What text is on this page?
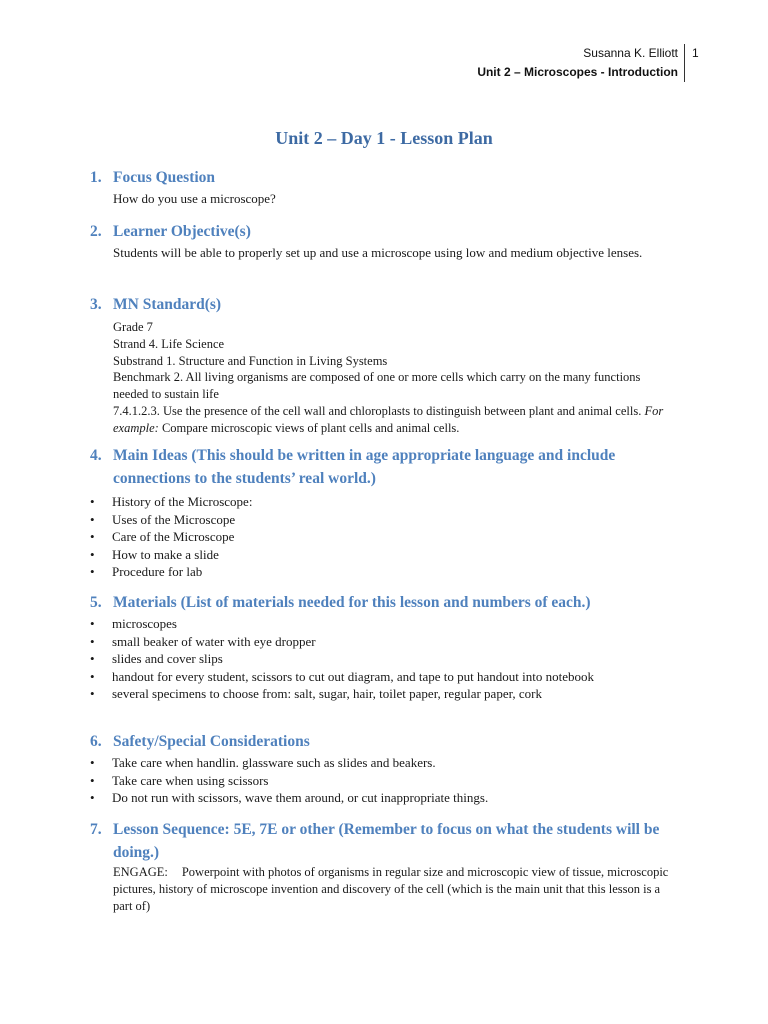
Susanna K. Elliott
Unit 2 – Microscopes - Introduction
1
Unit 2 – Day 1 - Lesson Plan
1. Focus Question
How do you use a microscope?
2. Learner Objective(s)
Students will be able to properly set up and use a microscope using low and medium objective lenses.
3. MN Standard(s)
Grade 7
Strand 4. Life Science
Substrand 1. Structure and Function in Living Systems
Benchmark 2. All living organisms are composed of one or more cells which carry on the many functions needed to sustain life
7.4.1.2.3. Use the presence of the cell wall and chloroplasts to distinguish between plant and animal cells. For example: Compare microscopic views of plant cells and animal cells.
4. Main Ideas (This should be written in age appropriate language and include connections to the students’ real world.)
•	History of the Microscope:
•	Uses of the Microscope
•	Care of the Microscope
•	How to make a slide
•	Procedure for lab
5. Materials (List of materials needed for this lesson and numbers of each.)
•	microscopes
•	small beaker of water with eye dropper
•	slides and cover slips
•	handout for every student, scissors to cut out diagram, and tape to put handout into notebook
•	several specimens to choose from: salt, sugar, hair, toilet paper, regular paper, cork
6. Safety/Special Considerations
•	Take care when handlin. glassware such as slides and beakers.
•	Take care when using scissors
•	Do not run with scissors, wave them around, or cut inappropriate things.
7. Lesson Sequence: 5E, 7E or other (Remember to focus on what the students will be doing.)
ENGAGE: Powerpoint with photos of organisms in regular size and microscopic view of tissue, microscopic pictures, history of microscope invention and discovery of the cell (which is the main unit that this lesson is a part of)
